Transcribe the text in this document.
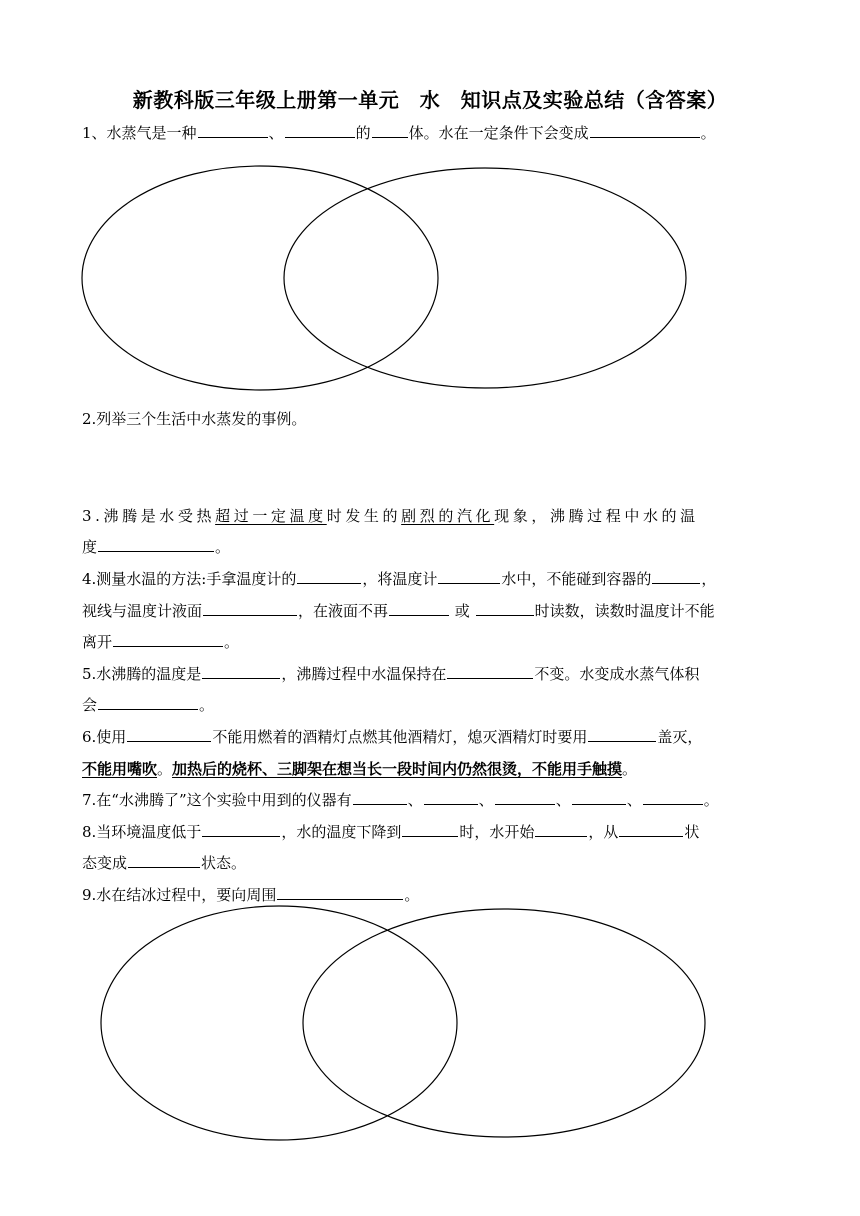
新教科版三年级上册第一单元　水　知识点及实验总结（含答案）
1、水蒸气是一种	、	的	体。水在一定条件下会变成	。
2.列举三个生活中水蒸发的事例。
3.沸腾是水受热超过一定温度时发生的剧烈的汽化现象，沸腾过程中水的温
度	。
4.测量水温的方法:手拿温度计的	，将温度计	水中，不能碰到容器的	，
视线与温度计液面	，在液面不再	或	时读数，读数时温度计不能
离开	。
5.水沸腾的温度是	，沸腾过程中水温保持在	不变。水变成水蒸气体积
会	。
6.使用	不能用燃着的酒精灯点燃其他酒精灯，熄灭酒精灯时要用	盖灭，
不能用嘴吹。加热后的烧杯、三脚架在想当长一段时间内仍然很烫，不能用手触摸。
7.在“水沸腾了”这个实验中用到的仪器有	、	、	、	、	。
8.当环境温度低于	，水的温度下降到	时，水开始	，从	状
态变成	状态。
9.水在结冰过程中，要向周围	。
